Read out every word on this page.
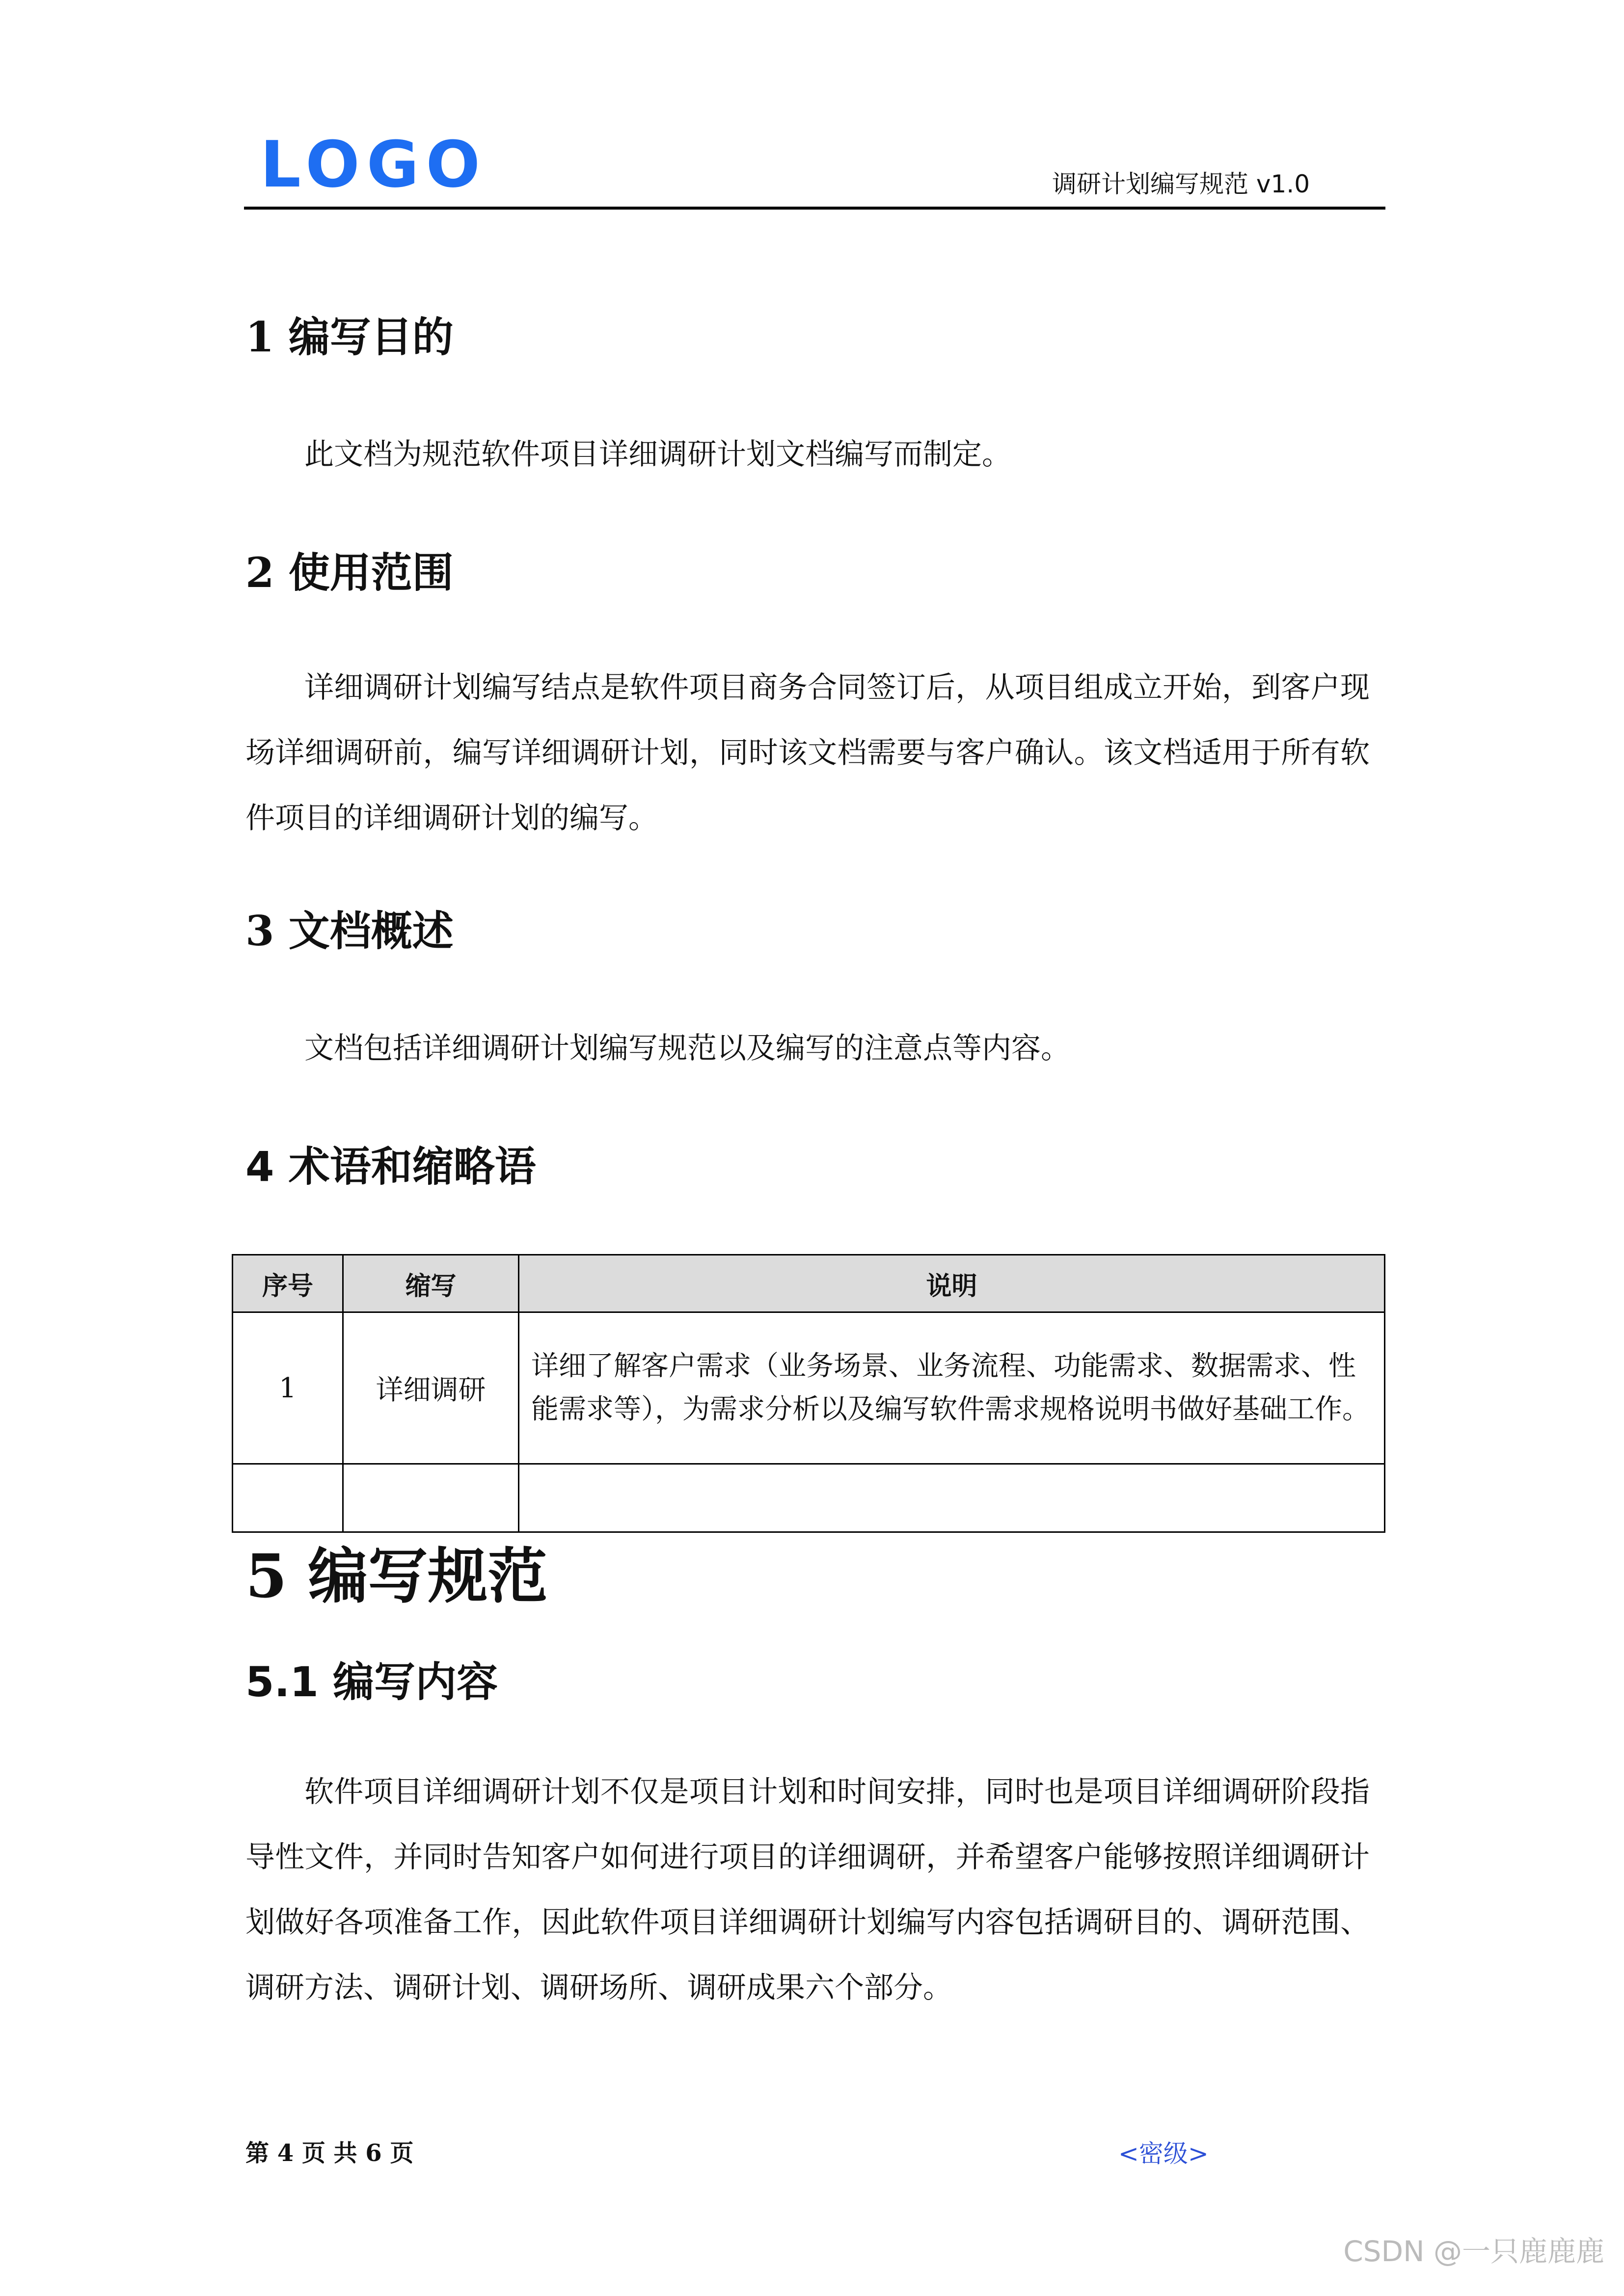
LOGO	调研计划编写规范 v1.0
1 编写目的

此文档为规范软件项目详细调研计划文档编写而制定。

2 使用范围

详细调研计划编写结点是软件项目商务合同签订后，从项目组成立开始，到客户现场详细调研前，编写详细调研计划，同时该文档需要与客户确认。该文档适用于所有软件项目的详细调研计划的编写。

3 文档概述

文档包括详细调研计划编写规范以及编写的注意点等内容。

4 术语和缩略语
序号	缩写	说明
1	详细调研	详细了解客户需求（业务场景、业务流程、功能需求、数据需求、性能需求等），为需求分析以及编写软件需求规格说明书做好基础工作。

5 编写规范
5.1 编写内容

软件项目详细调研计划不仅是项目计划和时间安排，同时也是项目详细调研阶段指导性文件，并同时告知客户如何进行项目的详细调研，并希望客户能够按照详细调研计划做好各项准备工作，因此软件项目详细调研计划编写内容包括调研目的、调研范围、调研方法、调研计划、调研场所、调研成果六个部分。

第 4 页 共 6 页	<密级>
CSDN @一只鹿鹿鹿
